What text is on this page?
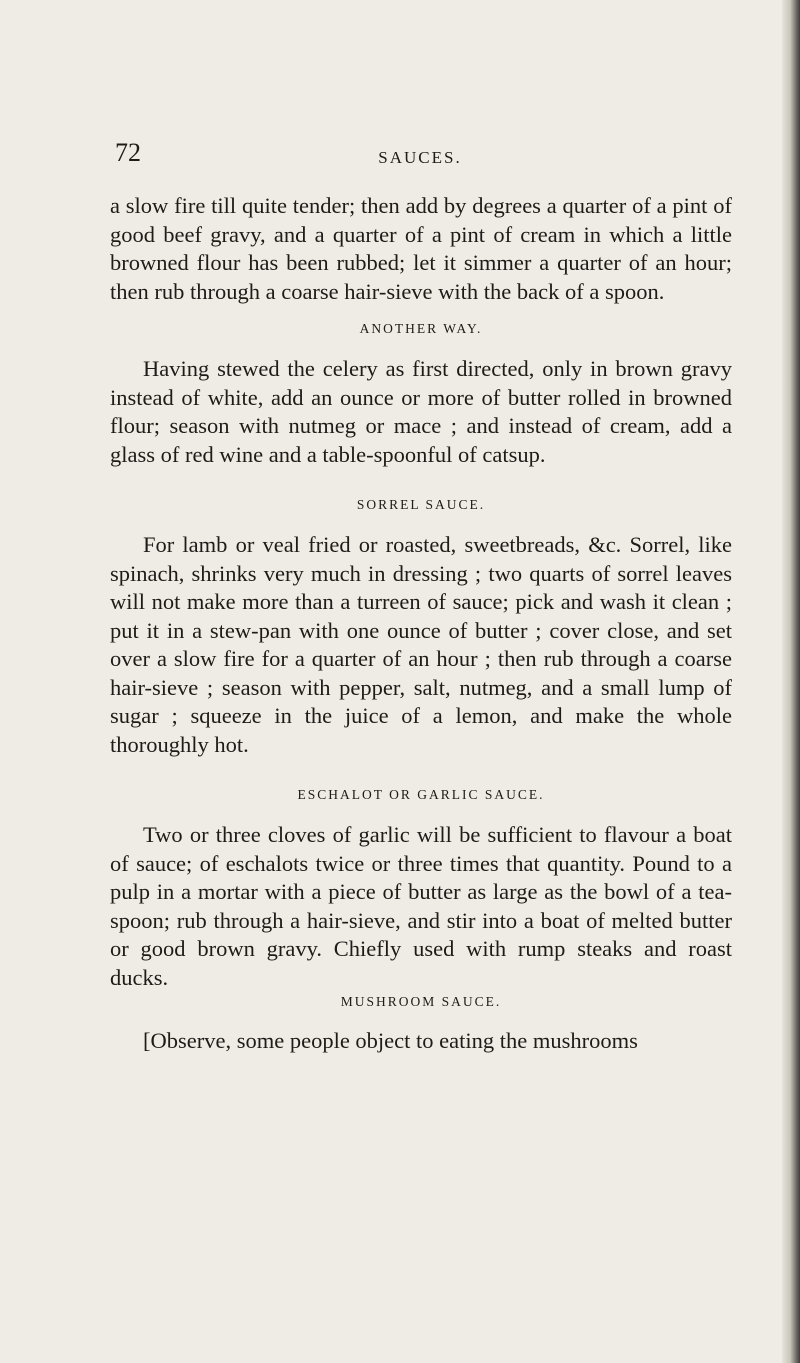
72	SAUCES.

a slow fire till quite tender; then add by degrees a quarter of a pint of good beef gravy, and a quarter of a pint of cream in which a little browned flour has been rubbed; let it simmer a quarter of an hour; then rub through a coarse hair-sieve with the back of a spoon.

ANOTHER WAY.

Having stewed the celery as first directed, only in brown gravy instead of white, add an ounce or more of butter rolled in browned flour; season with nutmeg or mace ; and instead of cream, add a glass of red wine and a table-spoonful of catsup.

SORREL SAUCE.

For lamb or veal fried or roasted, sweetbreads, &c. Sorrel, like spinach, shrinks very much in dressing ; two quarts of sorrel leaves will not make more than a turreen of sauce; pick and wash it clean ; put it in a stew-pan with one ounce of butter ; cover close, and set over a slow fire for a quarter of an hour ; then rub through a coarse hair-sieve ; season with pepper, salt, nutmeg, and a small lump of sugar ; squeeze in the juice of a lemon, and make the whole thoroughly hot.

ESCHALOT OR GARLIC SAUCE.

Two or three cloves of garlic will be sufficient to flavour a boat of sauce; of eschalots twice or three times that quantity. Pound to a pulp in a mortar with a piece of butter as large as the bowl of a tea-spoon; rub through a hair-sieve, and stir into a boat of melted butter or good brown gravy. Chiefly used with rump steaks and roast ducks.

MUSHROOM SAUCE.

[Observe, some people object to eating the mushrooms
